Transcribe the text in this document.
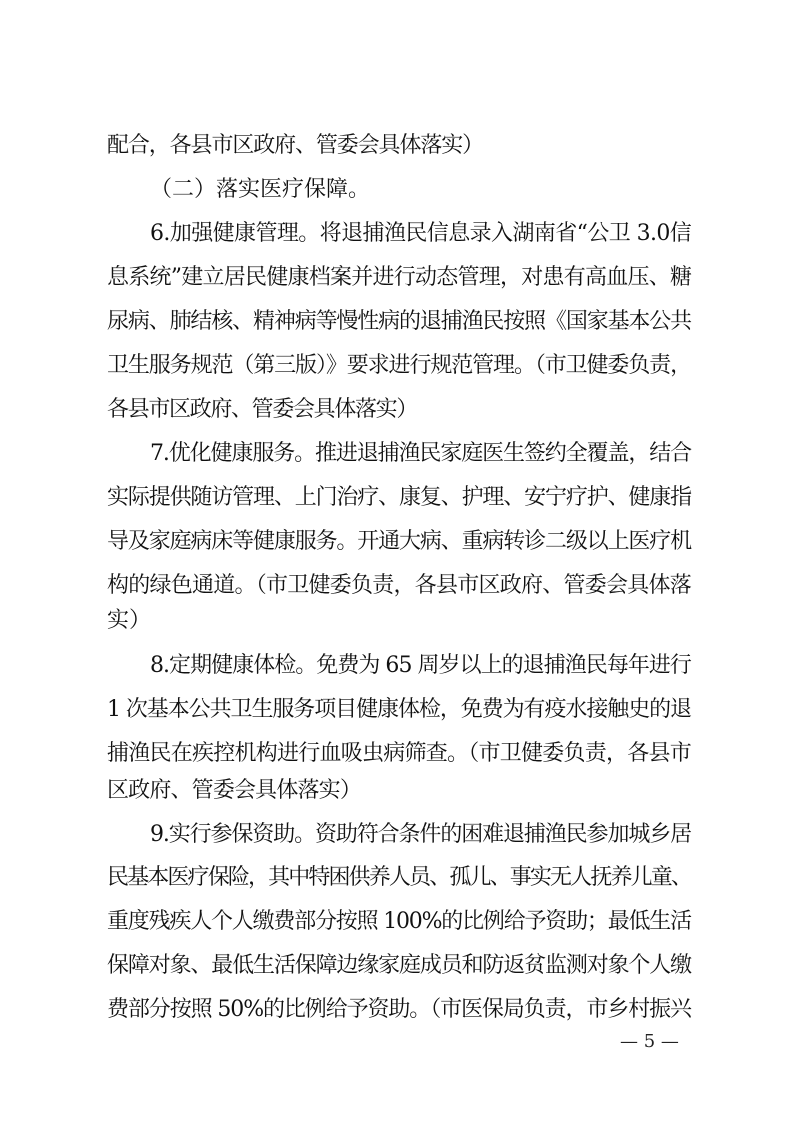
配合，各县市区政府、管委会具体落实）
（二）落实医疗保障。
6.加强健康管理。将退捕渔民信息录入湖南省“公卫 3.0信
息系统”建立居民健康档案并进行动态管理，对患有高血压、糖
尿病、肺结核、精神病等慢性病的退捕渔民按照《国家基本公共
卫生服务规范（第三版）》要求进行规范管理。（市卫健委负责，
各县市区政府、管委会具体落实）
7.优化健康服务。推进退捕渔民家庭医生签约全覆盖，结合
实际提供随访管理、上门治疗、康复、护理、安宁疗护、健康指
导及家庭病床等健康服务。开通大病、重病转诊二级以上医疗机
构的绿色通道。（市卫健委负责，各县市区政府、管委会具体落
实）
8.定期健康体检。免费为 65 周岁以上的退捕渔民每年进行
1 次基本公共卫生服务项目健康体检，免费为有疫水接触史的退
捕渔民在疾控机构进行血吸虫病筛查。（市卫健委负责，各县市
区政府、管委会具体落实）
9.实行参保资助。资助符合条件的困难退捕渔民参加城乡居
民基本医疗保险，其中特困供养人员、孤儿、事实无人抚养儿童、
重度残疾人个人缴费部分按照 100%的比例给予资助；最低生活
保障对象、最低生活保障边缘家庭成员和防返贫监测对象个人缴
费部分按照 50%的比例给予资助。（市医保局负责，市乡村振兴
— 5 —
